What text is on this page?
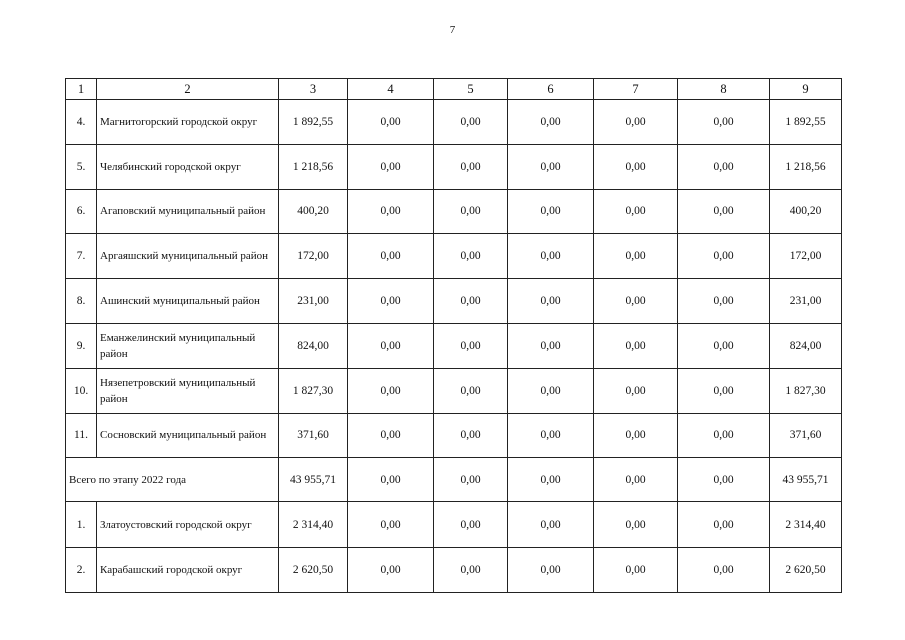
7
1	2	3	4	5	6	7	8	9
4.	Магнитогорский городской округ	1 892,55	0,00	0,00	0,00	0,00	0,00	1 892,55
5.	Челябинский городской округ	1 218,56	0,00	0,00	0,00	0,00	0,00	1 218,56
6.	Агаповский муниципальный район	400,20	0,00	0,00	0,00	0,00	0,00	400,20
7.	Аргаяшский муниципальный район	172,00	0,00	0,00	0,00	0,00	0,00	172,00
8.	Ашинский муниципальный район	231,00	0,00	0,00	0,00	0,00	0,00	231,00
9.	Еманжелинский муниципальный район	824,00	0,00	0,00	0,00	0,00	0,00	824,00
10.	Нязепетровский муниципальный район	1 827,30	0,00	0,00	0,00	0,00	0,00	1 827,30
11.	Сосновский муниципальный район	371,60	0,00	0,00	0,00	0,00	0,00	371,60
Всего по этапу 2022 года		43 955,71	0,00	0,00	0,00	0,00	0,00	43 955,71
1.	Златоустовский городской округ	2 314,40	0,00	0,00	0,00	0,00	0,00	2 314,40
2.	Карабашский городской округ	2 620,50	0,00	0,00	0,00	0,00	0,00	2 620,50
